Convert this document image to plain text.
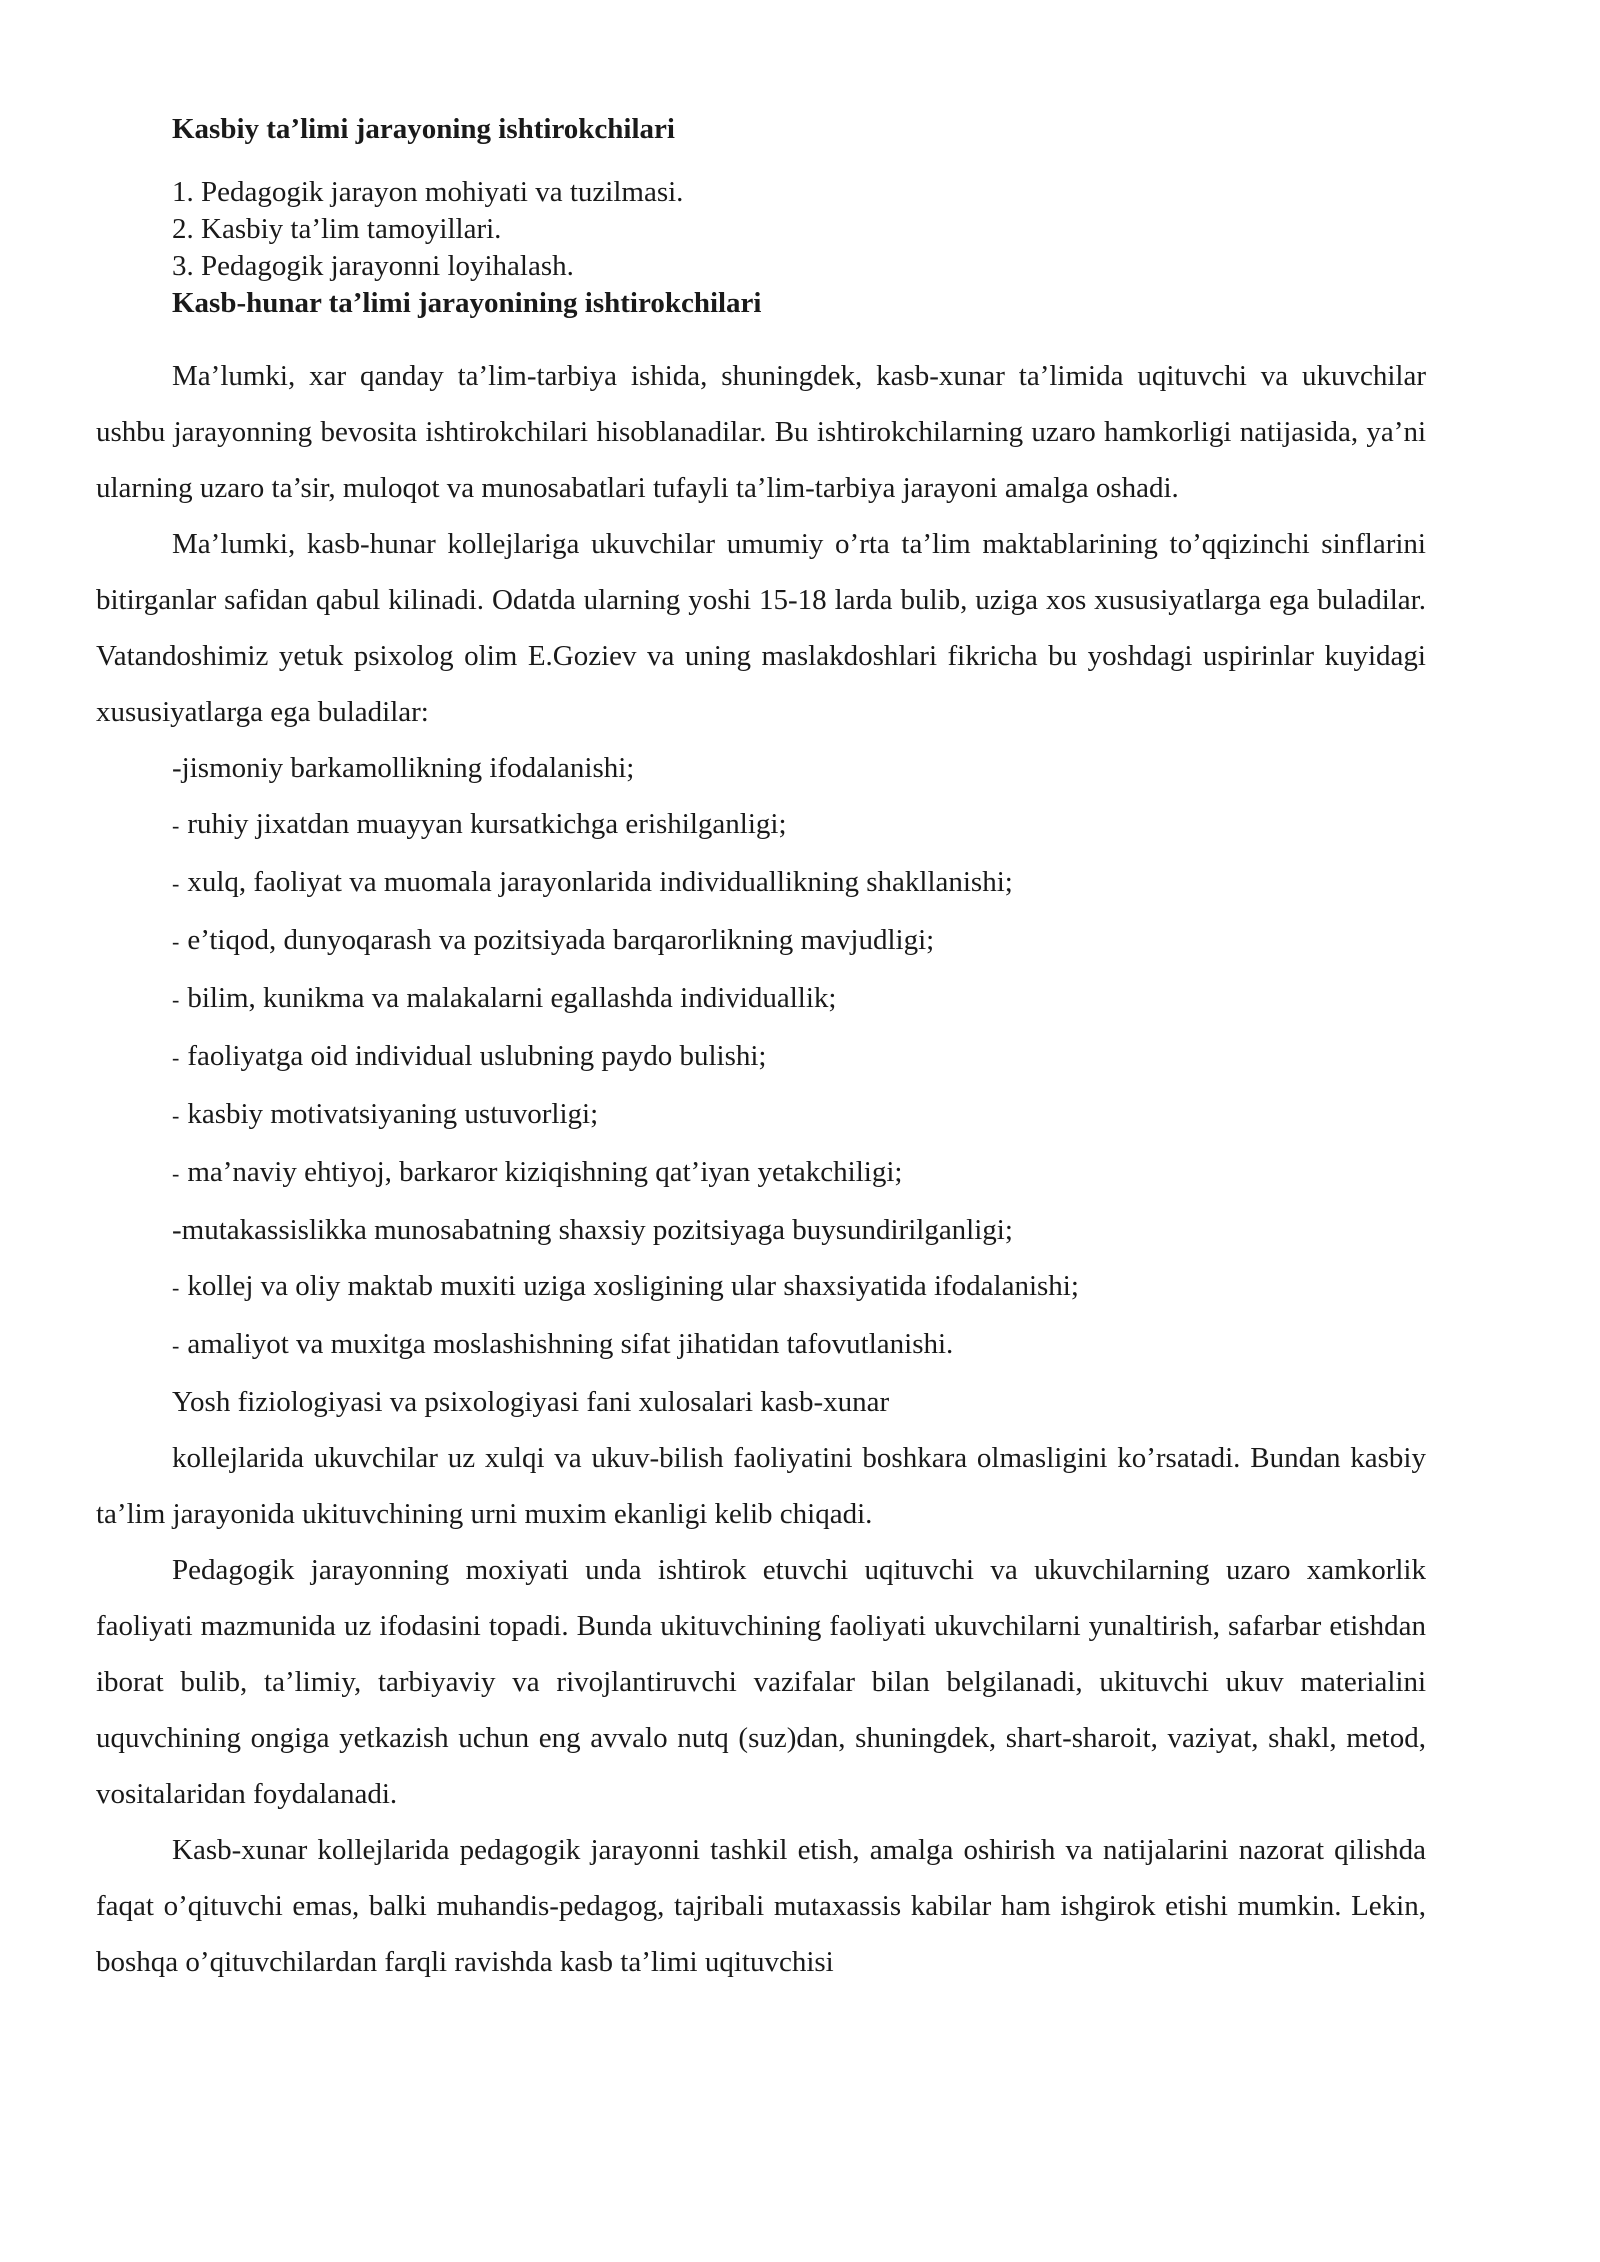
Kasbiy ta’limi jarayoning ishtirokchilari

1. Pedagogik jarayon mohiyati va tuzilmasi.
2. Kasbiy ta’lim tamoyillari.
3. Pedagogik jarayonni loyihalash.

Kasb-hunar ta’limi jarayonining ishtirokchilari

Ma’lumki, xar qanday ta’lim-tarbiya ishida, shuningdek, kasb-xunar ta’limida uqituvchi va ukuvchilar ushbu jarayonning bevosita ishtirokchilari hisoblanadilar. Bu ishtirokchilarning uzaro hamkorligi natijasida, ya’ni ularning uzaro ta’sir, muloqot va munosabatlari tufayli ta’lim-tarbiya jarayoni amalga oshadi.

Ma’lumki, kasb-hunar kollejlariga ukuvchilar umumiy o’rta ta’lim maktablarining to’qqizinchi sinflarini bitirganlar safidan qabul kilinadi. Odatda ularning yoshi 15-18 larda bulib, uziga xos xususiyatlarga ega buladilar. Vatandoshimiz yetuk psixolog olim E.Goziev va uning maslakdoshlari fikricha bu yoshdagi uspirinlar kuyidagi xususiyatlarga ega buladilar:

-jismoniy barkamollikning ifodalanishi;
- ruhiy jixatdan muayyan kursatkichga erishilganligi;
- xulq, faoliyat va muomala jarayonlarida individuallikning shakllanishi;
- e’tiqod, dunyoqarash va pozitsiyada barqarorlikning mavjudligi;
- bilim, kunikma va malakalarni egallashda individuallik;
- faoliyatga oid individual uslubning paydo bulishi;
- kasbiy motivatsiyaning ustuvorligi;
- ma’naviy ehtiyoj, barkaror kiziqishning qat’iyan yetakchiligi;
-mutakassislikka munosabatning shaxsiy pozitsiyaga buysundirilganligi;
- kollej va oliy maktab muxiti uziga xosligining ular shaxsiyatida ifodalanishi;
- amaliyot va muxitga moslashishning sifat jihatidan tafovutlanishi.

Yosh fiziologiyasi va psixologiyasi fani xulosalari kasb-xunar

kollejlarida ukuvchilar uz xulqi va ukuv-bilish faoliyatini boshkara olmasligini ko’rsatadi. Bundan kasbiy ta’lim jarayonida ukituvchining urni muxim ekanligi kelib chiqadi.

Pedagogik jarayonning moxiyati unda ishtirok etuvchi uqituvchi va ukuvchilarning uzaro xamkorlik faoliyati mazmunida uz ifodasini topadi. Bunda ukituvchining faoliyati ukuvchilarni yunaltirish, safarbar etishdan iborat bulib, ta’limiy, tarbiyaviy va rivojlantiruvchi vazifalar bilan belgilanadi, ukituvchi ukuv materialini uquvchining ongiga yetkazish uchun eng avvalo nutq (suz)dan, shuningdek, shart-sharoit, vaziyat, shakl, metod, vositalaridan foydalanadi.

Kasb-xunar kollejlarida pedagogik jarayonni tashkil etish, amalga oshirish va natijalarini nazorat qilishda faqat o’qituvchi emas, balki muhandis-pedagog, tajribali mutaxassis kabilar ham ishgirok etishi mumkin. Lekin, boshqa o’qituvchilardan farqli ravishda kasb ta’limi uqituvchisi
